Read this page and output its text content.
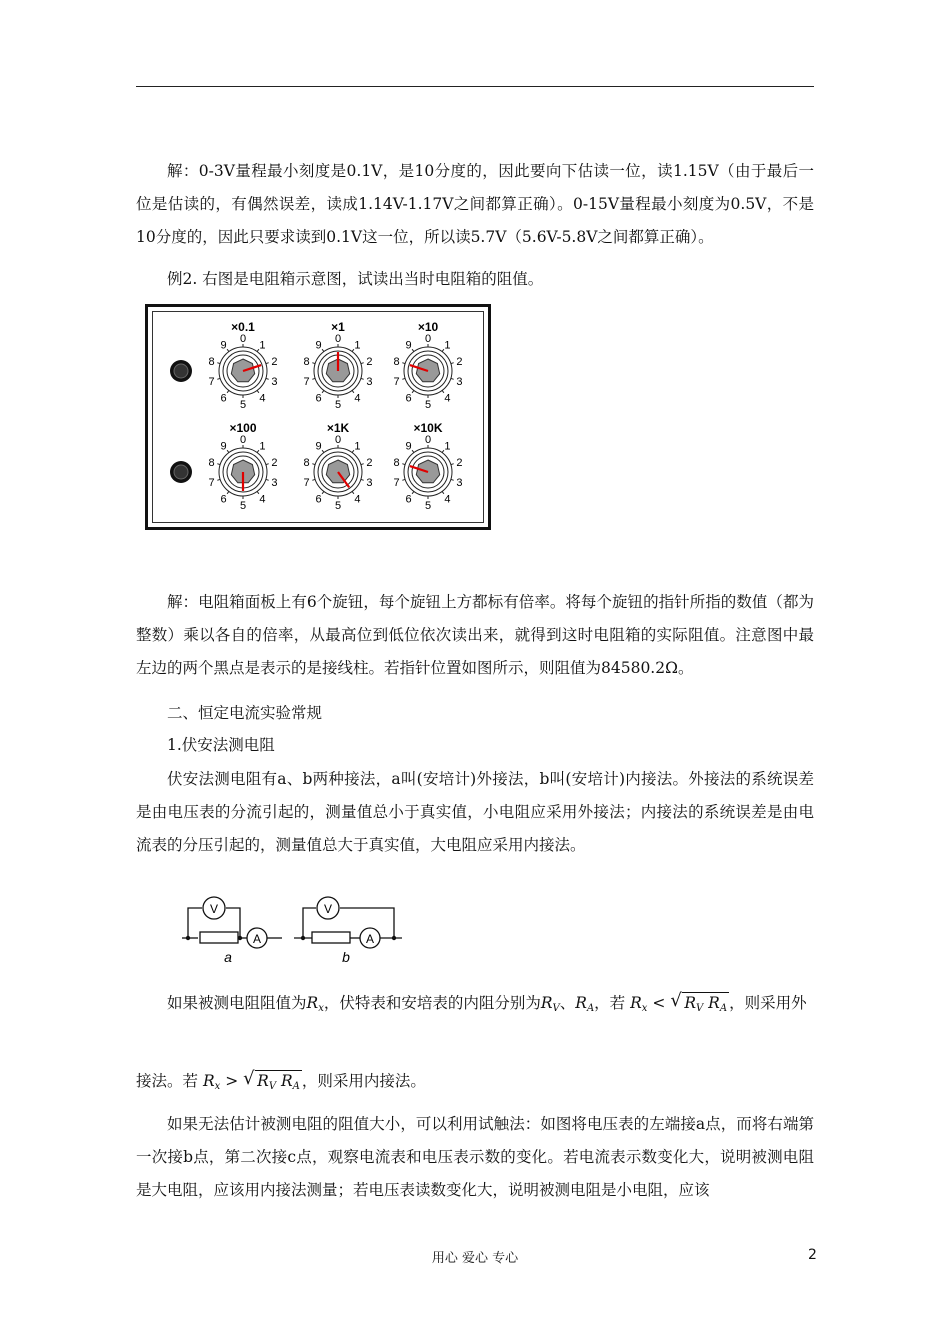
解：0-3V量程最小刻度是0.1V，是10分度的，因此要向下估读一位，读1.15V（由于最后一位是估读的，有偶然误差，读成1.14V-1.17V之间都算正确）。0-15V量程最小刻度为0.5V，不是10分度的，因此只要求读到0.1V这一位，所以读5.7V（5.6V-5.8V之间都算正确）。

例2. 右图是电阻箱示意图，试读出当时电阻箱的阻值。
×0.1
0
1
2
3
4
5
6
7
8
9
×1
0
1
2
3
4
5
6
7
8
9
×10
0
1
2
3
4
5
6
7
8
9
×100
0
1
2
3
4
5
6
7
8
9
×1K
0
1
2
3
4
5
6
7
8
9
×10K
0
1
2
3
4
5
6
7
8
9

解：电阻箱面板上有6个旋钮，每个旋钮上方都标有倍率。将每个旋钮的指针所指的数值（都为整数）乘以各自的倍率，从最高位到低位依次读出来，就得到这时电阻箱的实际阻值。注意图中最左边的两个黑点是表示的是接线柱。若指针位置如图所示，则阻值为84580.2Ω。

二、恒定电流实验常规
1.伏安法测电阻

伏安法测电阻有a、b两种接法，a叫(安培计)外接法，b叫(安培计)内接法。外接法的系统误差是由电压表的分流引起的，测量值总小于真实值，小电阻应采用外接法；内接法的系统误差是由电流表的分压引起的，测量值总大于真实值，大电阻应采用内接法。

V
A
a
V
A
b
如果被测电阻阻值为$R_x$，伏特表和安培表的内阻分别为$R_V$、$R_A$，若 $R_x$ < √ $R_V$ $R_A$ ，则采用外
接法。若 $R_x$ > √ $R_V$ $R_A$ ，则采用内接法。

如果无法估计被测电阻的阻值大小，可以利用试触法：如图将电压表的左端接a点，而将右端第一次接b点，第二次接c点，观察电流表和电压表示数的变化。若电流表示数变化大，说明被测电阻是大电阻，应该用内接法测量；若电压表读数变化大，说明被测电阻是小电阻，应该

用心 爱心 专心	2
